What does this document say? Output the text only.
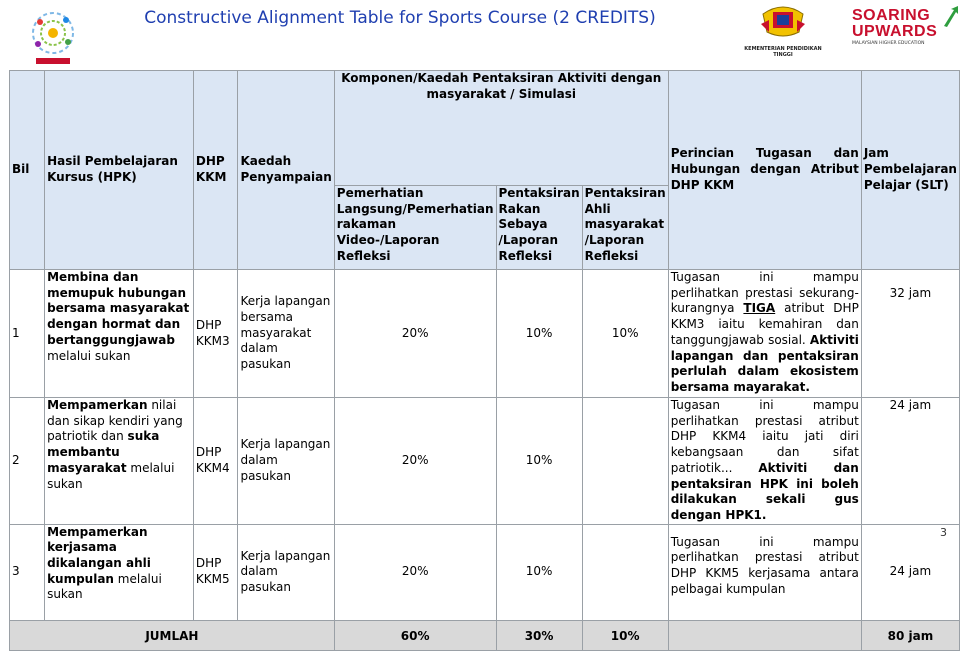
Constructive Alignment Table for Sports Course (2 CREDITS)
KEMENTERIAN PENDIDIKAN TINGGI
SOARING
UPWARDS
MALAYSIAN HIGHER EDUCATION
Bil	Hasil Pembelajaran Kursus (HPK)	DHP KKM	Kaedah Penyampaian	Komponen/Kaedah Pentaksiran Aktiviti dengan masyarakat / Simulasi			Perincian Tugasan dan Hubungan dengan Atribut DHP KKM	Jam Pembelajaran Pelajar (SLT)
				Pemerhatian Langsung/Pemerhatian rakaman Video-/Laporan Refleksi	Pentaksiran Rakan Sebaya /Laporan Refleksi	Pentaksiran Ahli masyarakat /Laporan Refleksi		
1	Membina dan memupuk hubungan bersama masyarakat dengan hormat dan bertanggungjawab melalui sukan	DHP KKM3	Kerja lapangan bersama masyarakat dalam pasukan	20%	10%	10%	Tugasan ini mampu perlihatkan prestasi sekurang-kurangnya TIGA atribut DHP KKM3 iaitu kemahiran dan tanggungjawab sosial. Aktiviti lapangan dan pentaksiran perlulah dalam ekosistem bersama mayarakat.	32 jam
2	Mempamerkan nilai dan sikap kendiri yang patriotik dan suka membantu masyarakat melalui sukan	DHP KKM4	Kerja lapangan dalam pasukan	20%	10%		Tugasan ini mampu perlihatkan prestasi atribut DHP KKM4 iaitu jati diri kebangsaan dan sifat patriotik... Aktiviti dan pentaksiran HPK ini boleh dilakukan sekali gus dengan HPK1.	24 jam
3	Mempamerkan kerjasama dikalangan ahli kumpulan melalui sukan	DHP KKM5	Kerja lapangan dalam pasukan	20%	10%		Tugasan ini mampu perlihatkan prestasi atribut DHP KKM5 kerjasama antara pelbagai kumpulan	24 jam
JUMLAH				60%	30%	10%		80 jam
3
